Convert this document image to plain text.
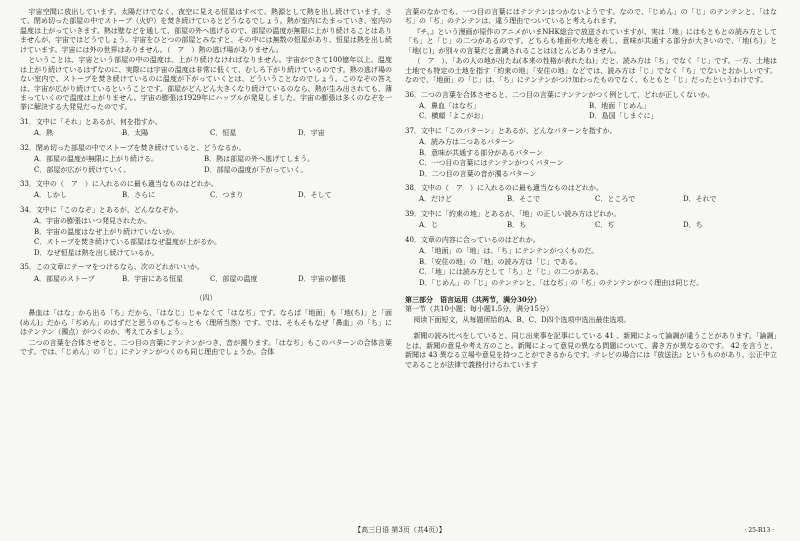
宇宙空間に放出しています。太陽だけでなく、夜空に見える恒星はすべて、熱源として熱を出し続けています。さて、閉め切った部屋の中でストーブ（火炉）を焚き続けているとどうなるでしょう。熱が室内にたまっていき、室内の温度は上がっていきます。熱は壁などを通して、部屋の外へ逃げるので、部屋の温度が無限に上がり続けることはありませんが、宇宙ではどうでしょう。宇宙をひとつの部屋とみなすと、その中には無数の恒星があり、恒星は熱を出し続けています。宇宙には外の世界はありません。（　ア　）熱の逃げ場がありません。

ということは、宇宙という部屋の中の温度は、上がり続けなければなりません。宇宙ができて100億年以上、温度は上がり続けているはずなのに、実際には宇宙の温度は非常に低くて、むしろ下がり続けているのです。熱の逃げ場のない室内で、ストーブを焚き続けているのに温度が下がっていくとは、どういうことなのでしょう。このなぞの答えは、宇宙が広がり続けているということです。部屋がどんどん大きくなり続けているのなら、熱が生み出されても、薄まっていくので温度は上がりません。宇宙の膨張は1929年にハッブルが発見しました。宇宙の膨張は多くのなぞを一挙に解決する大発見だったのです。

31．文中に「それ」とあるが、何を指すか。
A．熱	B．太陽	C．恒星	D．宇宙
32．閉め切った部屋の中でストーブを焚き続けていると、どうなるか。
A．部屋の温度が無限に上がり続ける。	B．熱は部屋の外へ逃げてしまう。
C．部屋が広がり続けていく。	D．部屋の温度が下がっていく。
33．文中の（　ア　）に入れるのに最も適当なものはどれか。
A．しかし	B．さらに	C．つまり	D．そして
34．文中に「このなぞ」とあるが、どんななぞか。
A．宇宙の膨張はいつ発見されたか。
B．宇宙の温度はなぜ上がり続けていないか。
C．ストーブを焚き続けている部屋はなぜ温度が上がるか。
D．なぜ恒星は熱を出し続けているか。
35．この文章にテーマをつけるなら、次のどれがいいか。
A．部屋のストーブ	B．宇宙にある恒星	C．部屋の温度	D．宇宙の膨張
（四）

鼻血は「はな」から出る「ち」だから、「はなじ」じゃなくて「はなぢ」です。ならば「地面」も「地(ち)」と「面(めん)」だから「ぢめん」のはずだと思うのもごもっとも（理所当然）です。では、そもそもなぜ「鼻血」の「ち」にはテンテン（濁点）がつくのか、考えてみましょう。

二つの言葉を合体させると、二つ目の言葉にテンテンがつき、音が濁ります。「はなぢ」もこのパターンの合体言葉です。では、「じめん」の「じ」にテンテンがつくのも同じ理由でしょうか。合体

言葉のなかでも、一つ目の言葉にはテンテンはつかないようです。なので、「じめん」の「じ」のテンテンと、「はなぢ」の「ぢ」のテンテンは、違う理由でついていると考えられます。

『チ。』という漫画が原作のアニメがいまNHK総合で放送されていますが、実は「地」にはもともとの読み方として「ち」と「じ」の二つがあるのです。どちらも地面や大地を表し、意味が共通する部分が大きいので、「地(ち)」と「地(じ)」が別々の言葉だと意識されることはほとんどありません。

（　ア　）、「あの人の地が出たね(本来の性格が表れたね)」だと、読み方は「ち」でなく「じ」です。一方、土地は土地でも特定の土地を指す「約束の地」「安住の地」などでは、読み方は「じ」でなく「ち」でないとおかしいです。なので、「地面」の「じ」は、「ち」にテンテンがつけ加わったものでなく、もともと「じ」だったというわけです。

36．二つの言葉を合体させると、二つ目の言葉にテンテンがつく例として、どれが正しくないか。
A．鼻血「はなぢ」	B．地面「じめん」
C．横顔「よこがお」	D．島国「しまぐに」
37．文中に「このパターン」とあるが、どんなパターンを指すか。
A．読み方は二つあるパターン
B．意味が共通する部分があるパターン
C．一つ目の言葉にはテンテンがつくパターン
D．二つ目の言葉の音が濁るパターン
38．文中の（　ア　）に入れるのに最も適当なものはどれか。
A．だけど	B．そこで	C．ところで	D．それで
39．文中に「約束の地」とあるが、「地」の正しい読み方はどれか。
A．じ	B．ち	C．ぢ	D．ち
40．文章の内容に合っているのはどれか。
A．「地面」の「地」は、「ち」にテンテンがつくものだ。
B．「安住の地」の「地」の読み方は「じ」である。
C．「地」には読み方として「ち」と「じ」の二つがある。
D．「じめん」の「じ」のテンテンと、「はなぢ」の「ぢ」のテンテンがつく理由は同じだ。

第三部分　语言运用（共两节，满分30分）

第一节（共10小题；每小题1.5分，满分15分）

阅读下面短文，从每题所给的A、B、C、D四个选项中选出最佳选项。

新聞の読み比べをしていると、同じ出来事を記事にしている 41 、新聞によって論調が違うことがあります。「論調」とは、新聞の意見や考え方のこと。新聞によって意見の異なる問題について、書き方が異なるのです。 42 を言うと、新聞は 43 異なる立場や意見を持つことができるからです。テレビの場合には『放送法』というものがあり、公正中立であることが法律で義務付けられています

【高三日语 第3页（共4页）】	· 25-R13 ·
